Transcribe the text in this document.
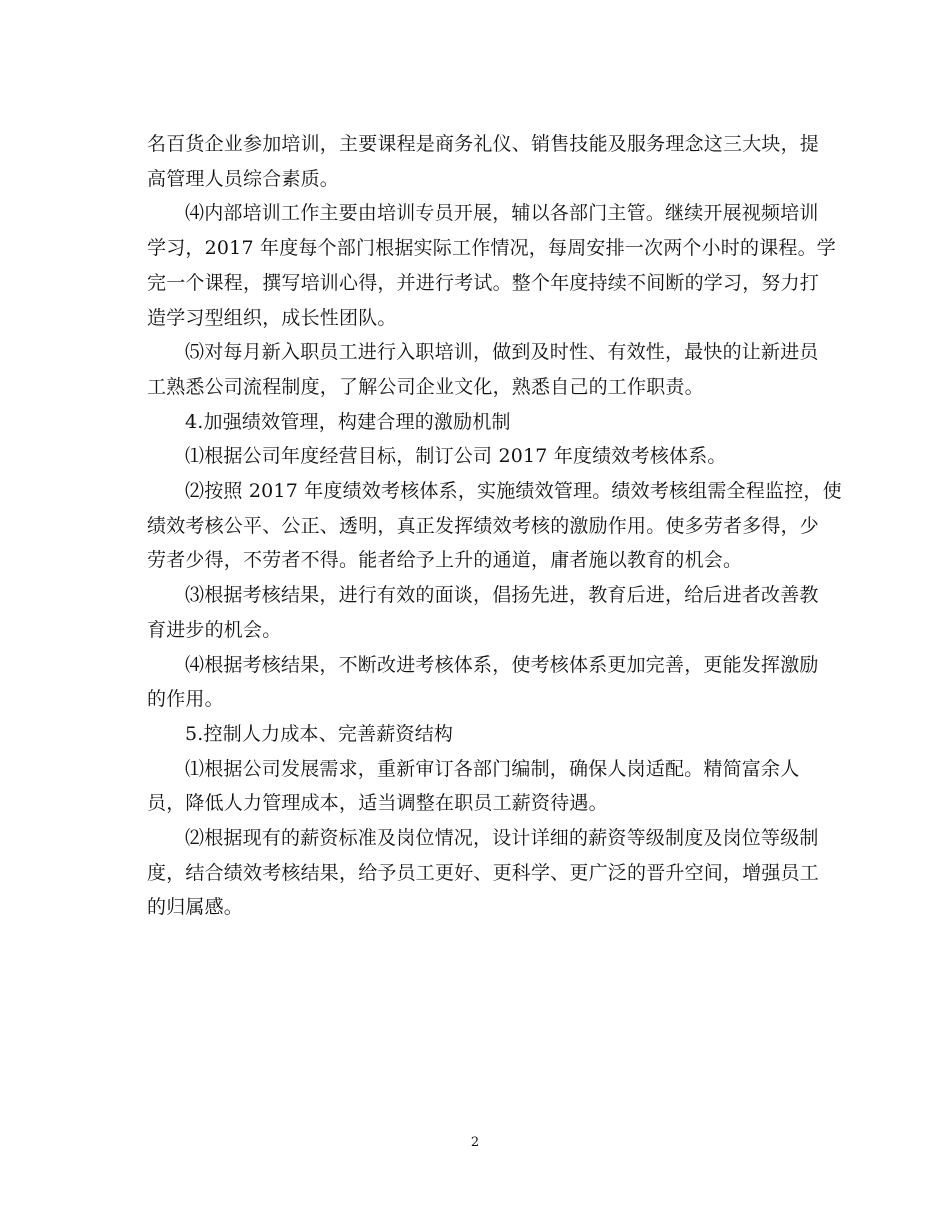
名百货企业参加培训，主要课程是商务礼仪、销售技能及服务理念这三大块，提
高管理人员综合素质。
⑷内部培训工作主要由培训专员开展，辅以各部门主管。继续开展视频培训
学习，2017 年度每个部门根据实际工作情况，每周安排一次两个小时的课程。学
完一个课程，撰写培训心得，并进行考试。整个年度持续不间断的学习，努力打
造学习型组织，成长性团队。
⑸对每月新入职员工进行入职培训，做到及时性、有效性，最快的让新进员
工熟悉公司流程制度，了解公司企业文化，熟悉自己的工作职责。
4.加强绩效管理，构建合理的激励机制
⑴根据公司年度经营目标，制订公司 2017 年度绩效考核体系。
⑵按照 2017 年度绩效考核体系，实施绩效管理。绩效考核组需全程监控，使
绩效考核公平、公正、透明，真正发挥绩效考核的激励作用。使多劳者多得，少
劳者少得，不劳者不得。能者给予上升的通道，庸者施以教育的机会。
⑶根据考核结果，进行有效的面谈，倡扬先进，教育后进，给后进者改善教
育进步的机会。
⑷根据考核结果，不断改进考核体系，使考核体系更加完善，更能发挥激励
的作用。
5.控制人力成本、完善薪资结构
⑴根据公司发展需求，重新审订各部门编制，确保人岗适配。精简富余人
员，降低人力管理成本，适当调整在职员工薪资待遇。
⑵根据现有的薪资标准及岗位情况，设计详细的薪资等级制度及岗位等级制
度，结合绩效考核结果，给予员工更好、更科学、更广泛的晋升空间，增强员工
的归属感。
2
